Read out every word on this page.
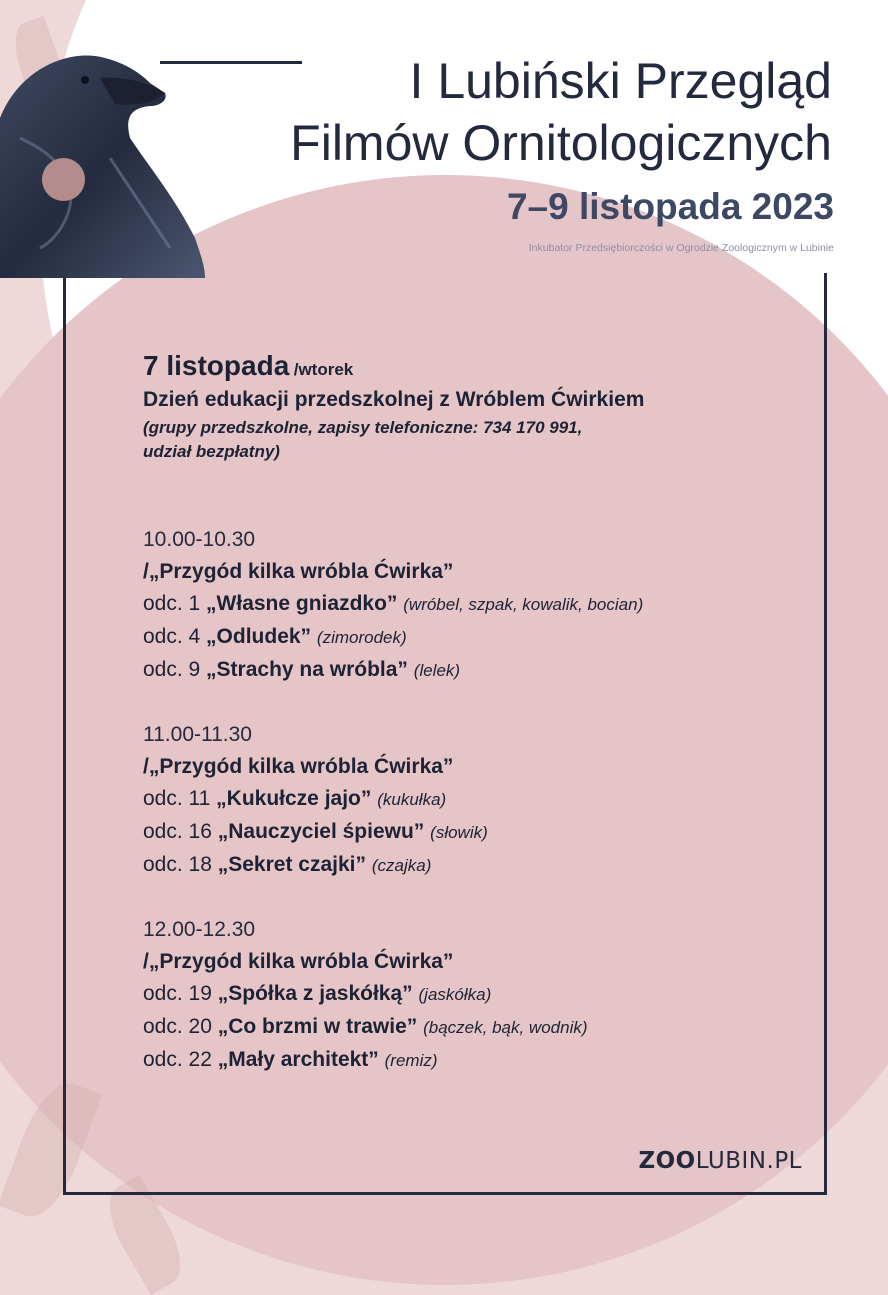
I Lubiński Przegląd
Filmów Ornitologicznych

7–9 listopada 2023

Inkubator Przedsiębiorczości w Ogrodzie Zoologicznym w Lubinie

7 listopada /wtorek

Dzień edukacji przedszkolnej z Wróblem Ćwirkiem

(grupy przedszkolne, zapisy telefoniczne: 734 170 991,
udział bezpłatny)

10.00-10.30

/„Przygód kilka wróbla Ćwirka”

odc. 1 „Własne gniazdko” (wróbel, szpak, kowalik, bocian)

odc. 4 „Odludek” (zimorodek)

odc. 9 „Strachy na wróbla” (lelek)

11.00-11.30

/„Przygód kilka wróbla Ćwirka”

odc. 11 „Kukułcze jajo” (kukułka)

odc. 16 „Nauczyciel śpiewu” (słowik)

odc. 18 „Sekret czajki” (czajka)

12.00-12.30

/„Przygód kilka wróbla Ćwirka”

odc. 19 „Spółka z jaskółką” (jaskółka)

odc. 20 „Co brzmi w trawie” (bączek, bąk, wodnik)

odc. 22 „Mały architekt” (remiz)

ZOOLUBIN.PL
